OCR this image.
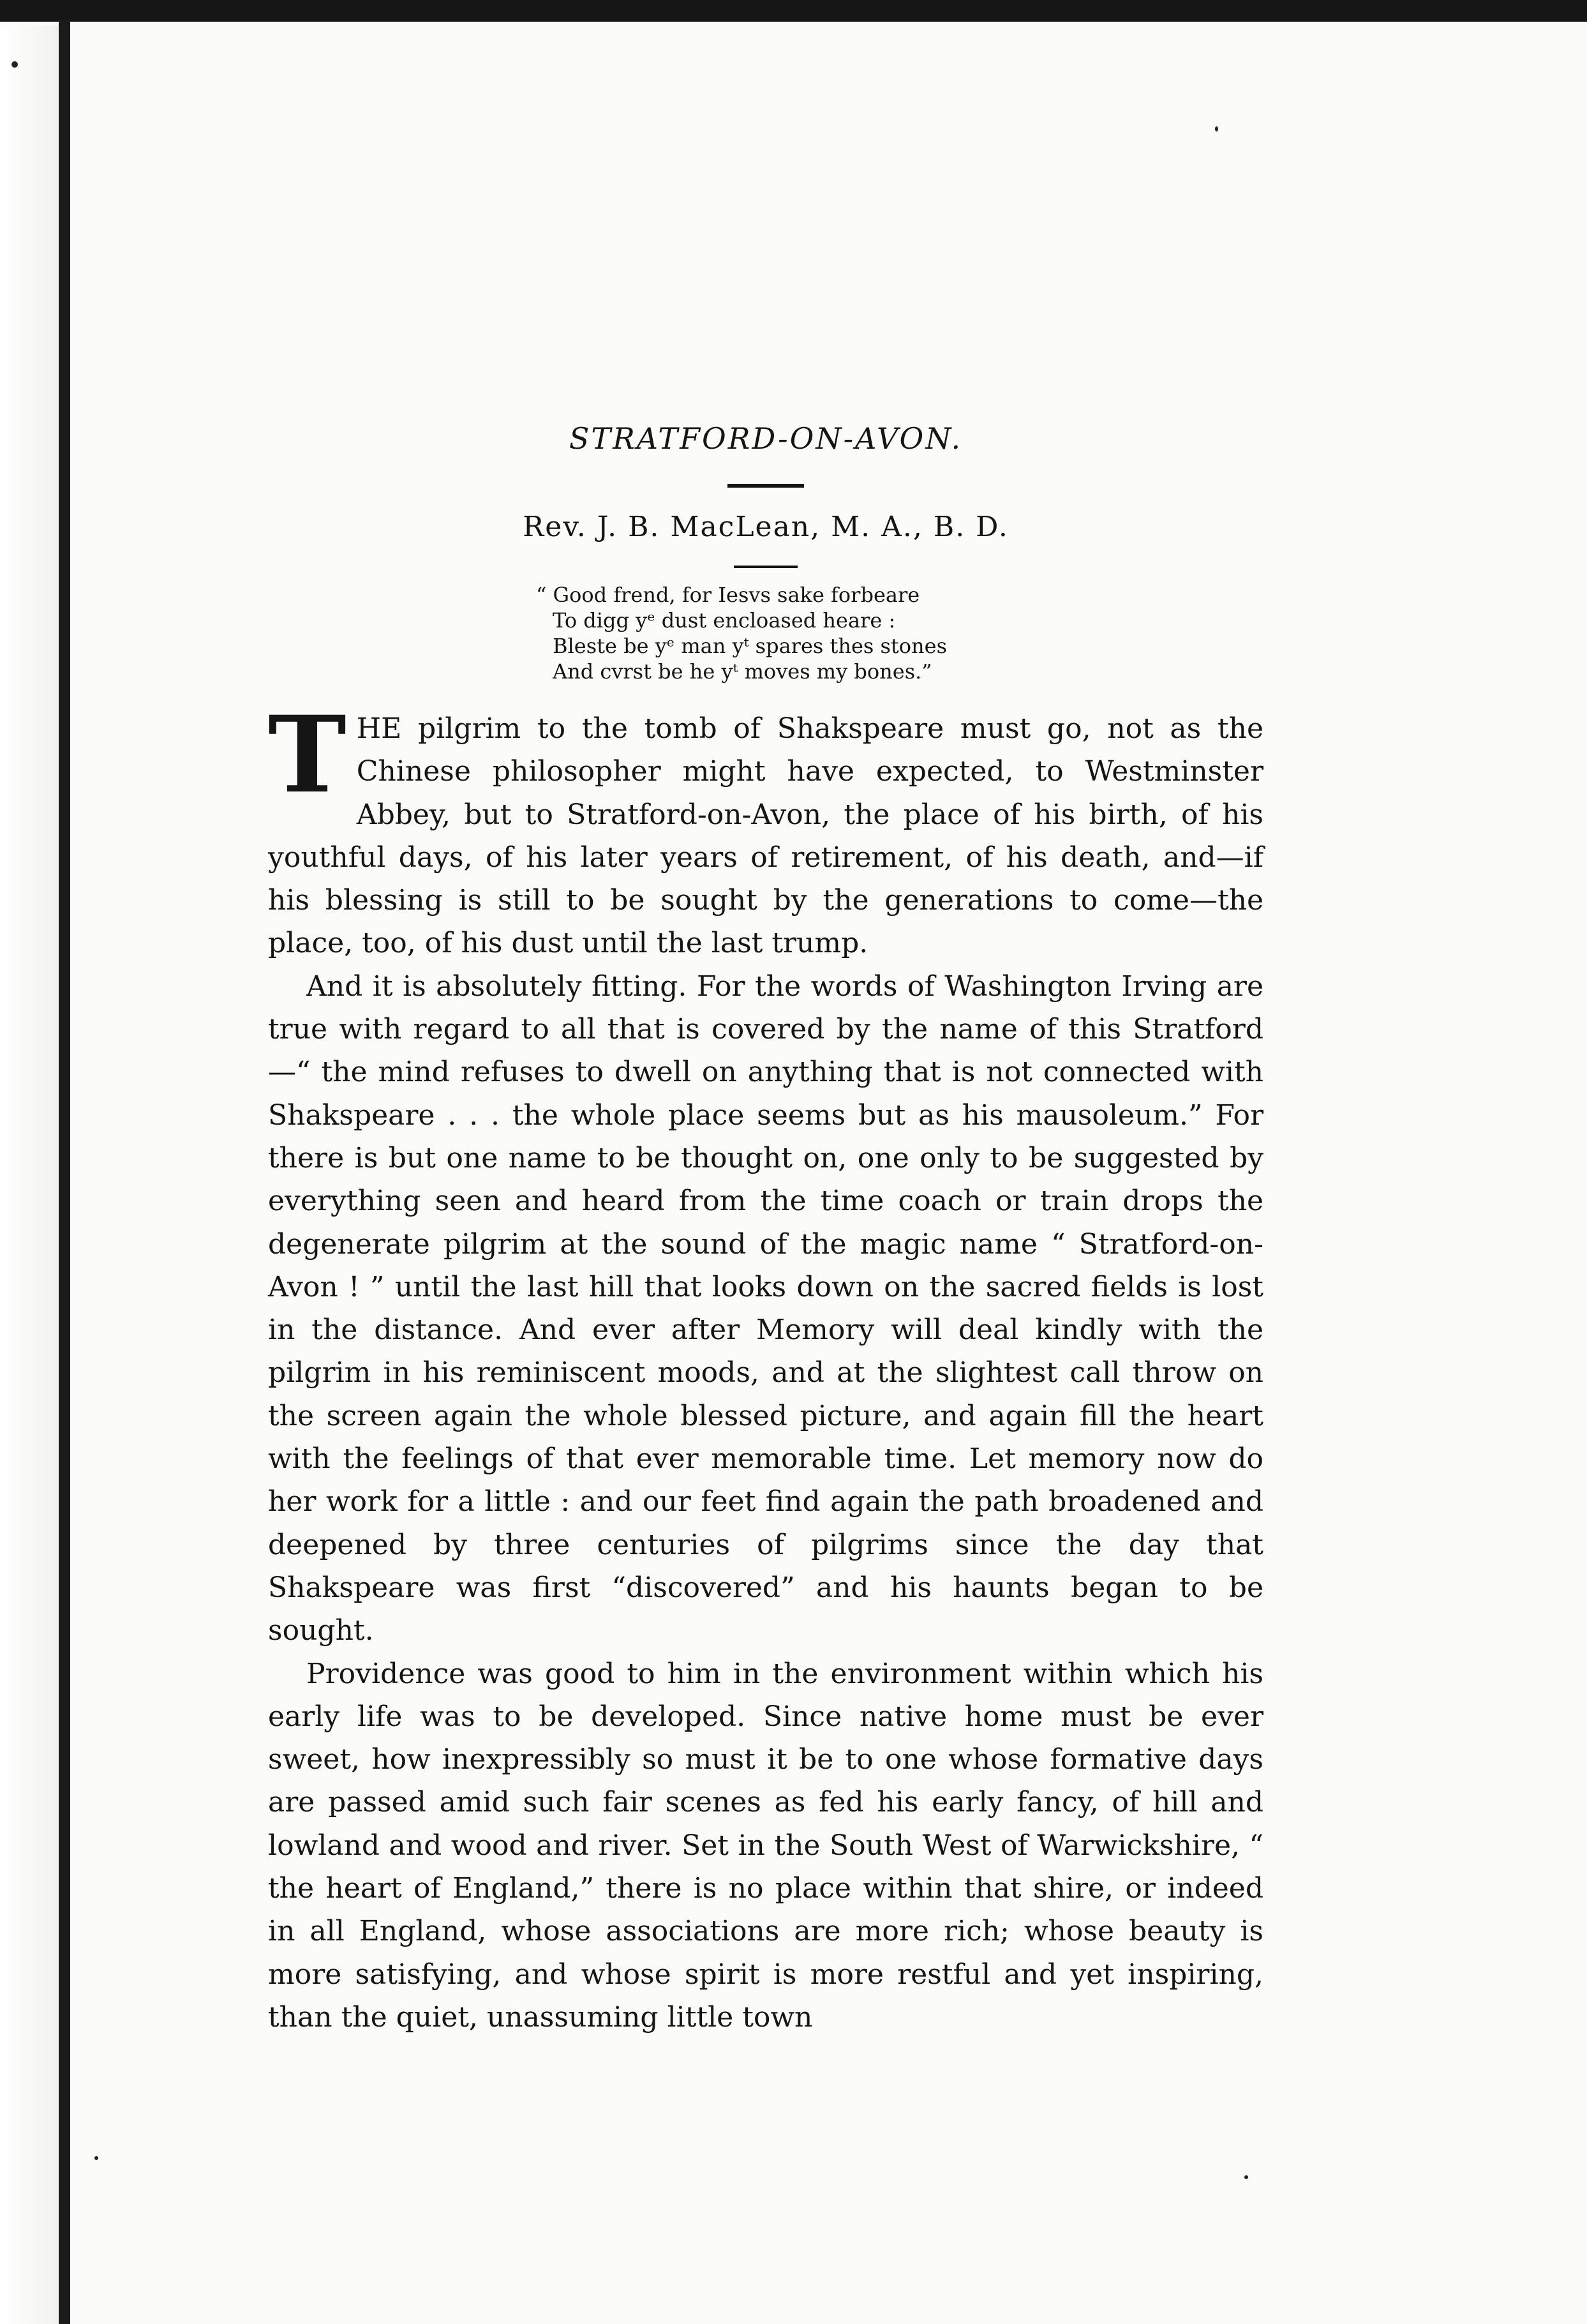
STRATFORD-ON-AVON.
Rev. J. B. MacLean, M. A., B. D.
“ Good frend, for Iesvs sake forbeare
To digg yᵉ dust encloased heare :
Bleste be yᵉ man yᵗ spares thes stones
And cvrst be he yᵗ moves my bones.”

THE pilgrim to the tomb of Shakspeare must go, not as the Chinese philosopher might have expected, to Westminster Abbey, but to Stratford-on-Avon, the place of his birth, of his youthful days, of his later years of retirement, of his death, and—if his blessing is still to be sought by the generations to come—the place, too, of his dust until the last trump.

And it is absolutely fitting. For the words of Washington Irving are true with regard to all that is covered by the name of this Stratford—“ the mind refuses to dwell on anything that is not connected with Shakspeare . . . the whole place seems but as his mausoleum.” For there is but one name to be thought on, one only to be suggested by everything seen and heard from the time coach or train drops the degenerate pilgrim at the sound of the magic name “ Stratford-on-Avon ! ” until the last hill that looks down on the sacred fields is lost in the distance. And ever after Memory will deal kindly with the pilgrim in his reminiscent moods, and at the slightest call throw on the screen again the whole blessed picture, and again fill the heart with the feelings of that ever memorable time. Let memory now do her work for a little : and our feet find again the path broadened and deepened by three centuries of pilgrims since the day that Shakspeare was first “discovered” and his haunts began to be sought.

Providence was good to him in the environment within which his early life was to be developed. Since native home must be ever sweet, how inexpressibly so must it be to one whose formative days are passed amid such fair scenes as fed his early fancy, of hill and lowland and wood and river. Set in the South West of Warwickshire, “ the heart of England,” there is no place within that shire, or indeed in all England, whose associations are more rich; whose beauty is more satisfying, and whose spirit is more restful and yet inspiring, than the quiet, unassuming little town
